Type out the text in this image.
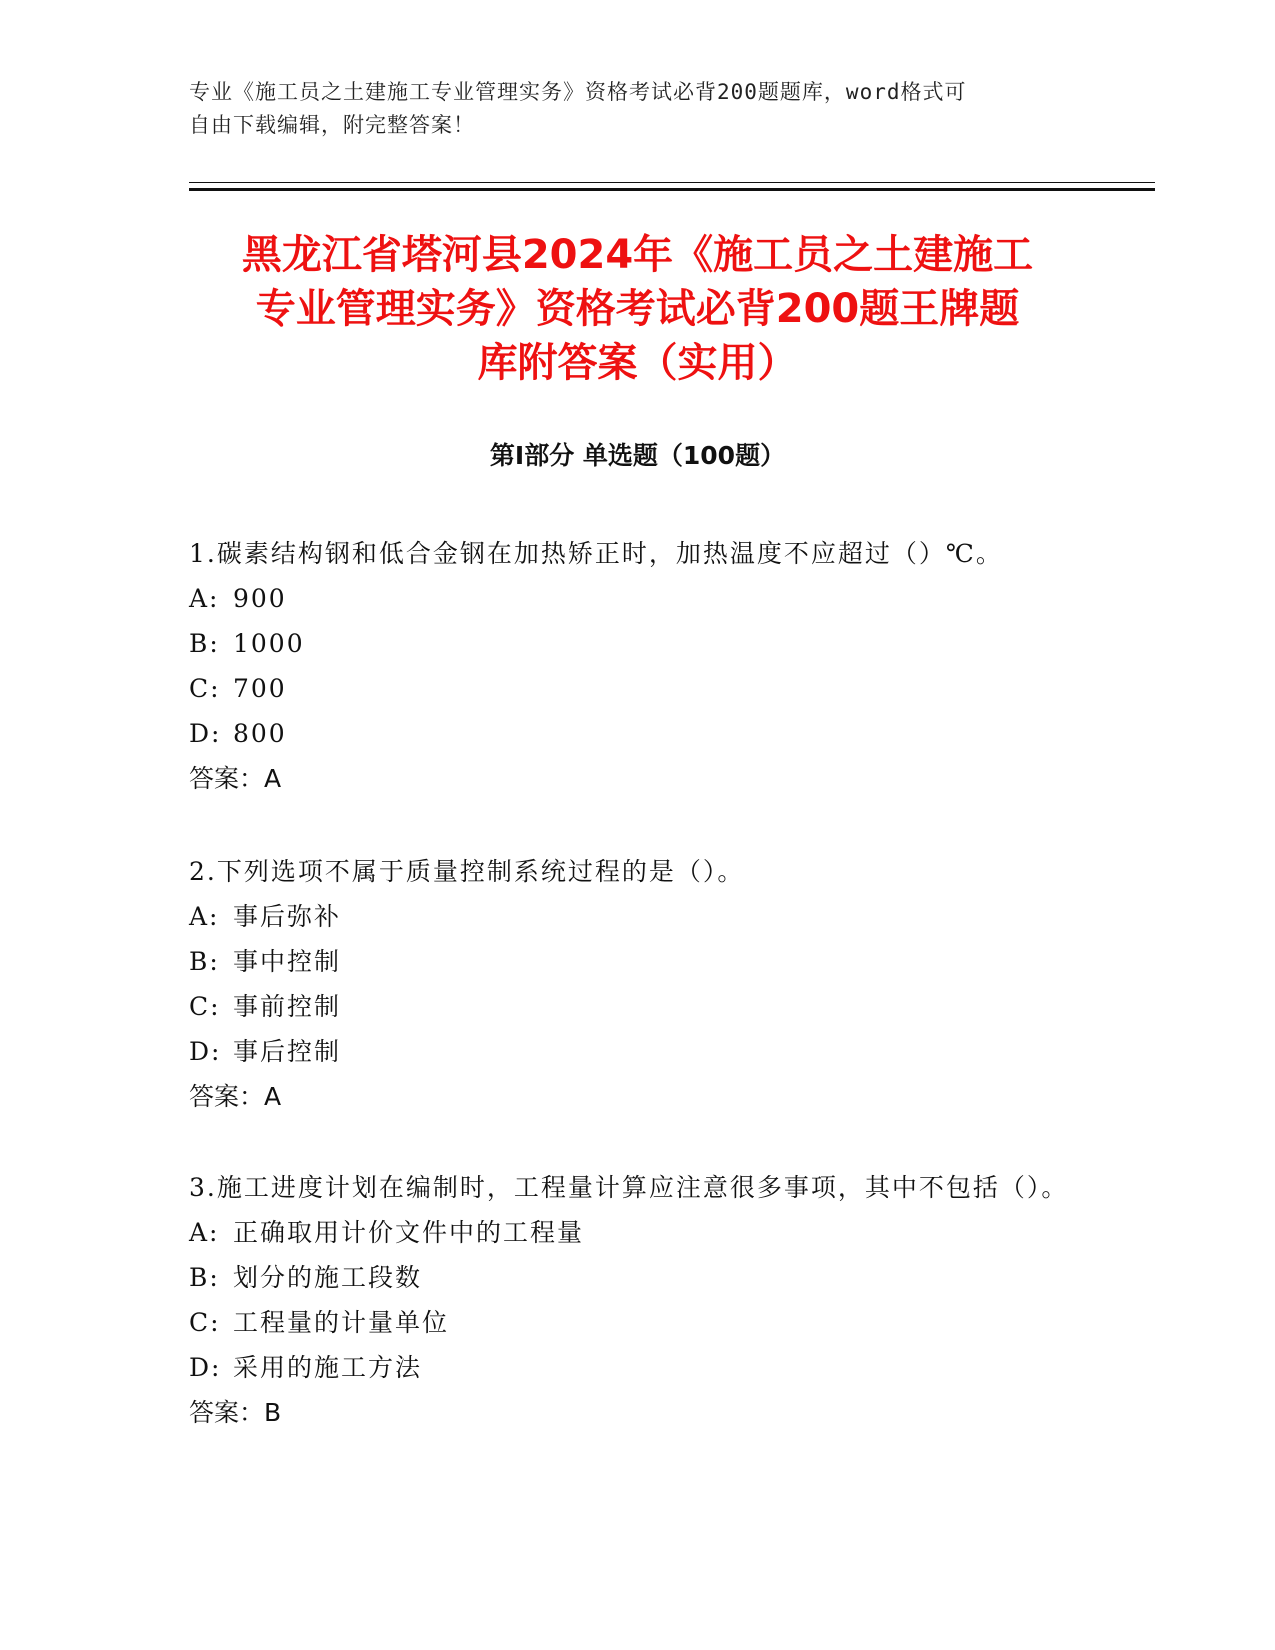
专业《施工员之土建施工专业管理实务》资格考试必背200题题库，word格式可
自由下载编辑，附完整答案！
黑龙江省塔河县2024年《施工员之土建施工
专业管理实务》资格考试必背200题王牌题
库附答案（实用）
第Ⅰ部分 单选题（100题）
1.碳素结构钢和低合金钢在加热矫正时，加热温度不应超过（）℃。
A: 900
B: 1000
C: 700
D: 800
答案：A
2.下列选项不属于质量控制系统过程的是（）。
A: 事后弥补
B: 事中控制
C: 事前控制
D: 事后控制
答案：A
3.施工进度计划在编制时，工程量计算应注意很多事项，其中不包括（）。
A: 正确取用计价文件中的工程量
B: 划分的施工段数
C: 工程量的计量单位
D: 采用的施工方法
答案：B
